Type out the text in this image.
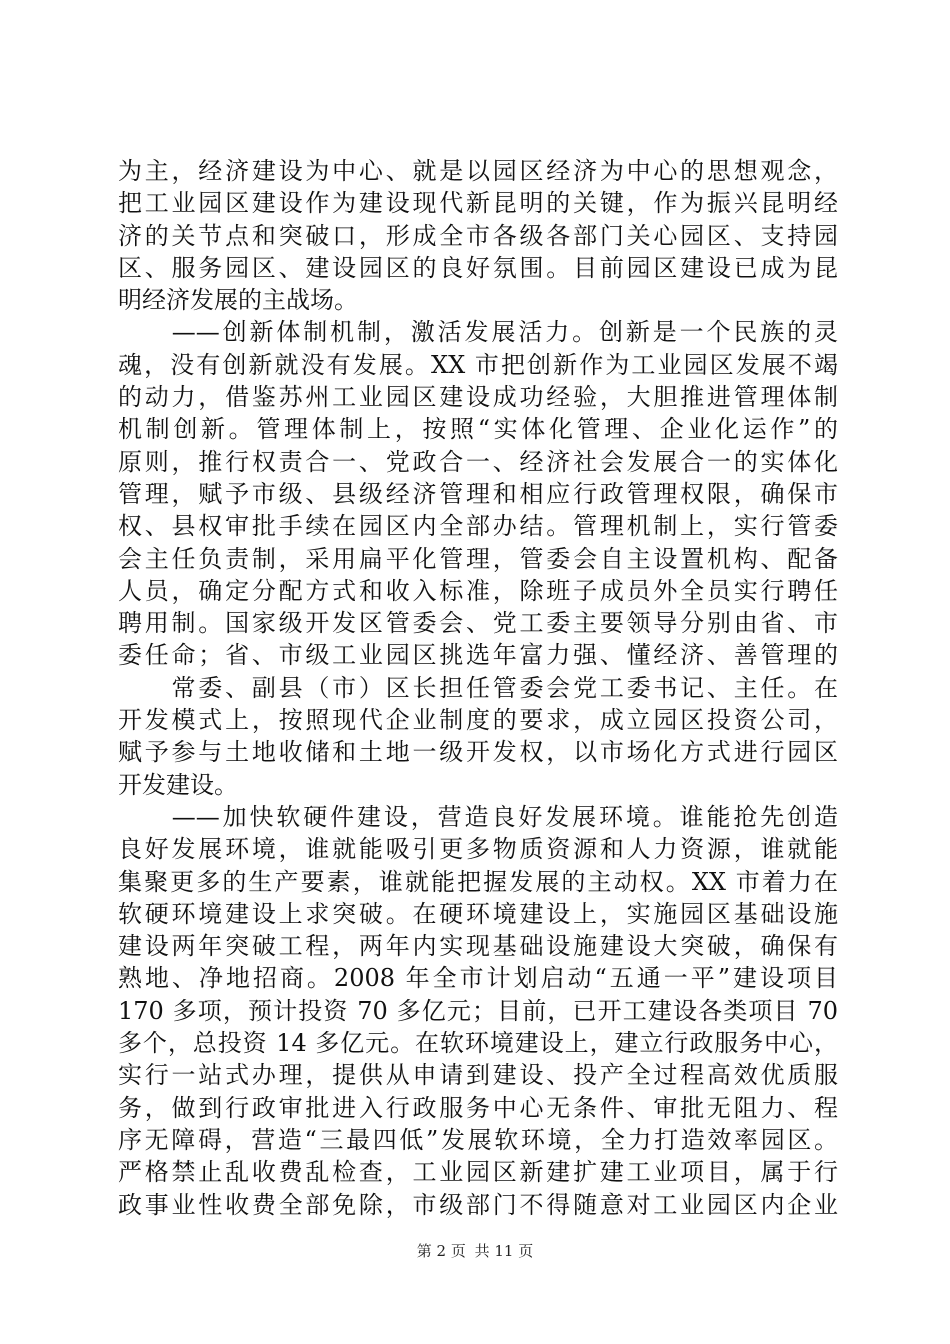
为主，经济建设为中心、就是以园区经济为中心的思想观念，
把工业园区建设作为建设现代新昆明的关键，作为振兴昆明经
济的关节点和突破口，形成全市各级各部门关心园区、支持园
区、服务园区、建设园区的良好氛围。目前园区建设已成为昆
明经济发展的主战场。
　　——创新体制机制，激活发展活力。创新是一个民族的灵
魂，没有创新就没有发展。XX 市把创新作为工业园区发展不竭
的动力，借鉴苏州工业园区建设成功经验，大胆推进管理体制
机制创新。管理体制上，按照“实体化管理、企业化运作”的
原则，推行权责合一、党政合一、经济社会发展合一的实体化
管理，赋予市级、县级经济管理和相应行政管理权限，确保市
权、县权审批手续在园区内全部办结。管理机制上，实行管委
会主任负责制，采用扁平化管理，管委会自主设置机构、配备
人员，确定分配方式和收入标准，除班子成员外全员实行聘任
聘用制。国家级开发区管委会、党工委主要领导分别由省、市
委任命；省、市级工业园区挑选年富力强、懂经济、善管理的
　　常委、副县（市）区长担任管委会党工委书记、主任。在
开发模式上，按照现代企业制度的要求，成立园区投资公司，
赋予参与土地收储和土地一级开发权，以市场化方式进行园区
开发建设。
　　——加快软硬件建设，营造良好发展环境。谁能抢先创造
良好发展环境，谁就能吸引更多物质资源和人力资源，谁就能
集聚更多的生产要素，谁就能把握发展的主动权。XX 市着力在
软硬环境建设上求突破。在硬环境建设上，实施园区基础设施
建设两年突破工程，两年内实现基础设施建设大突破，确保有
熟地、净地招商。2008 年全市计划启动“五通一平”建设项目
170 多项，预计投资 70 多亿元；目前，已开工建设各类项目 70
多个，总投资 14 多亿元。在软环境建设上，建立行政服务中心，
实行一站式办理，提供从申请到建设、投产全过程高效优质服
务，做到行政审批进入行政服务中心无条件、审批无阻力、程
序无障碍，营造“三最四低”发展软环境，全力打造效率园区。
严格禁止乱收费乱检查，工业园区新建扩建工业项目，属于行
政事业性收费全部免除，市级部门不得随意对工业园区内企业
第 2 页 共 11 页
